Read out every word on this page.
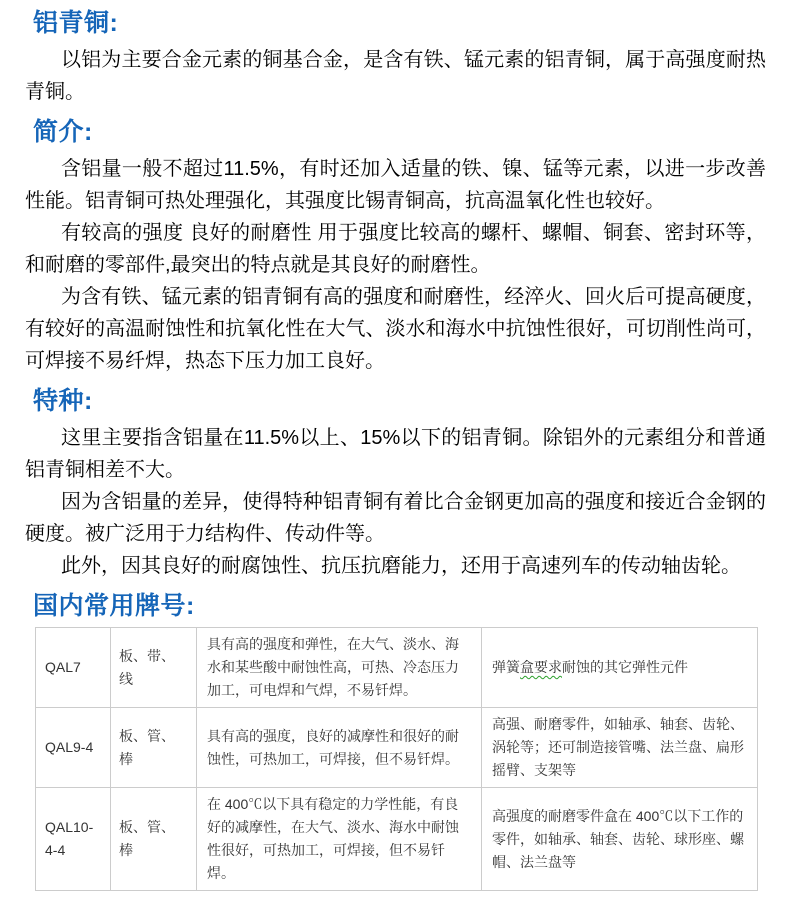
铝青铜:

以铝为主要合金元素的铜基合金，是含有铁、锰元素的铝青铜，属于高强度耐热青铜。

简介:

含铝量一般不超过11.5%，有时还加入适量的铁、镍、锰等元素，以进一步改善性能。铝青铜可热处理强化，其强度比锡青铜高，抗高温氧化性也较好。

有较高的强度 良好的耐磨性 用于强度比较高的螺杆、螺帽、铜套、密封环等，和耐磨的零部件,最突出的特点就是其良好的耐磨性。

为含有铁、锰元素的铝青铜有高的强度和耐磨性，经淬火、回火后可提高硬度，有较好的高温耐蚀性和抗氧化性在大气、淡水和海水中抗蚀性很好，可切削性尚可，可焊接不易纤焊，热态下压力加工良好。

特种:

这里主要指含铝量在11.5%以上、15%以下的铝青铜。除铝外的元素组分和普通铝青铜相差不大。

因为含铝量的差异，使得特种铝青铜有着比合金钢更加高的强度和接近合金钢的硬度。被广泛用于力结构件、传动件等。

此外，因其良好的耐腐蚀性、抗压抗磨能力，还用于高速列车的传动轴齿轮。

国内常用牌号:
QAL7	板、带、线	具有高的强度和弹性，在大气、淡水、海水和某些酸中耐蚀性高，可热、冷态压力加工，可电焊和气焊，不易钎焊。	弹簧盒要求耐蚀的其它弹性元件
QAL9-4	板、管、棒	具有高的强度，良好的减摩性和很好的耐蚀性，可热加工，可焊接，但不易钎焊。	高强、耐磨零件，如轴承、轴套、齿轮、涡轮等；还可制造接管嘴、法兰盘、扁形摇臂、支架等
QAL10-4-4	板、管、棒	在 400℃以下具有稳定的力学性能，有良好的减摩性，在大气、淡水、海水中耐蚀性很好，可热加工，可焊接，但不易钎焊。	高强度的耐磨零件盒在 400℃以下工作的零件，如轴承、轴套、齿轮、球形座、螺帽、法兰盘等
